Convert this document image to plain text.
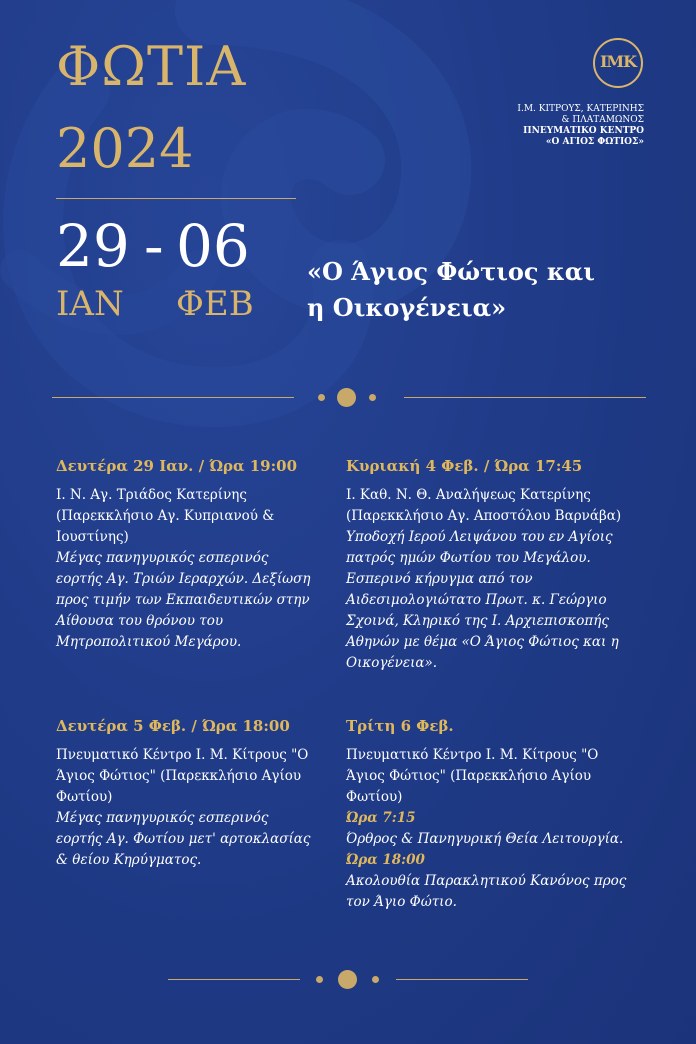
ΦΩΤΙΑ
2024
29 - 06
ΙΑΝ ΦΕΒ
«Ο Άγιος Φώτιος και
η Οικογένεια»
ΙΜΚ
Ι.Μ. ΚΙΤΡΟΥΣ, ΚΑΤΕΡΙΝΗΣ
& ΠΛΑΤΑΜΩΝΟΣ
ΠΝΕΥΜΑΤΙΚΟ ΚΕΝΤΡΟ
«Ο ΑΓΙΟΣ ΦΩΤΙΟΣ»
Δευτέρα 29 Ιαν. / Ώρα 19:00
Ι. Ν. Αγ. Τριάδος Κατερίνης (Παρεκκλήσιο Αγ. Κυπριανού & Ιουστίνης)
Μέγας πανηγυρικός εσπερινός εορτής Αγ. Τριών Ιεραρχών. Δεξίωση προς τιμήν των Εκπαιδευτικών στην Αίθουσα του θρόνου του Μητροπολιτικού Μεγάρου.
Κυριακή 4 Φεβ. / Ώρα 17:45
Ι. Καθ. Ν. Θ. Αναλήψεως Κατερίνης (Παρεκκλήσιο Αγ. Αποστόλου Βαρνάβα)
Υποδοχή Ιερού Λειψάνου του εν Αγίοις πατρός ημών Φωτίου του Μεγάλου. Εσπερινό κήρυγμα από τον Αιδεσιμολογιώτατο Πρωτ. κ. Γεώργιο Σχοινά, Κληρικό της Ι. Αρχιεπισκοπής Αθηνών με θέμα «Ο Άγιος Φώτιος και η Οικογένεια».
Δευτέρα 5 Φεβ. / Ώρα 18:00
Πνευματικό Κέντρο Ι. Μ. Κίτρους "Ο Άγιος Φώτιος" (Παρεκκλήσιο Αγίου Φωτίου)
Μέγας πανηγυρικός εσπερινός εορτής Αγ. Φωτίου μετ' αρτοκλασίας & θείου Κηρύγματος.
Τρίτη 6 Φεβ.
Πνευματικό Κέντρο Ι. Μ. Κίτρους "Ο Άγιος Φώτιος" (Παρεκκλήσιο Αγίου Φωτίου)
Ώρα 7:15
Όρθρος & Πανηγυρική Θεία Λειτουργία.
Ώρα 18:00
Ακολουθία Παρακλητικού Κανόνος προς τον Άγιο Φώτιο.
